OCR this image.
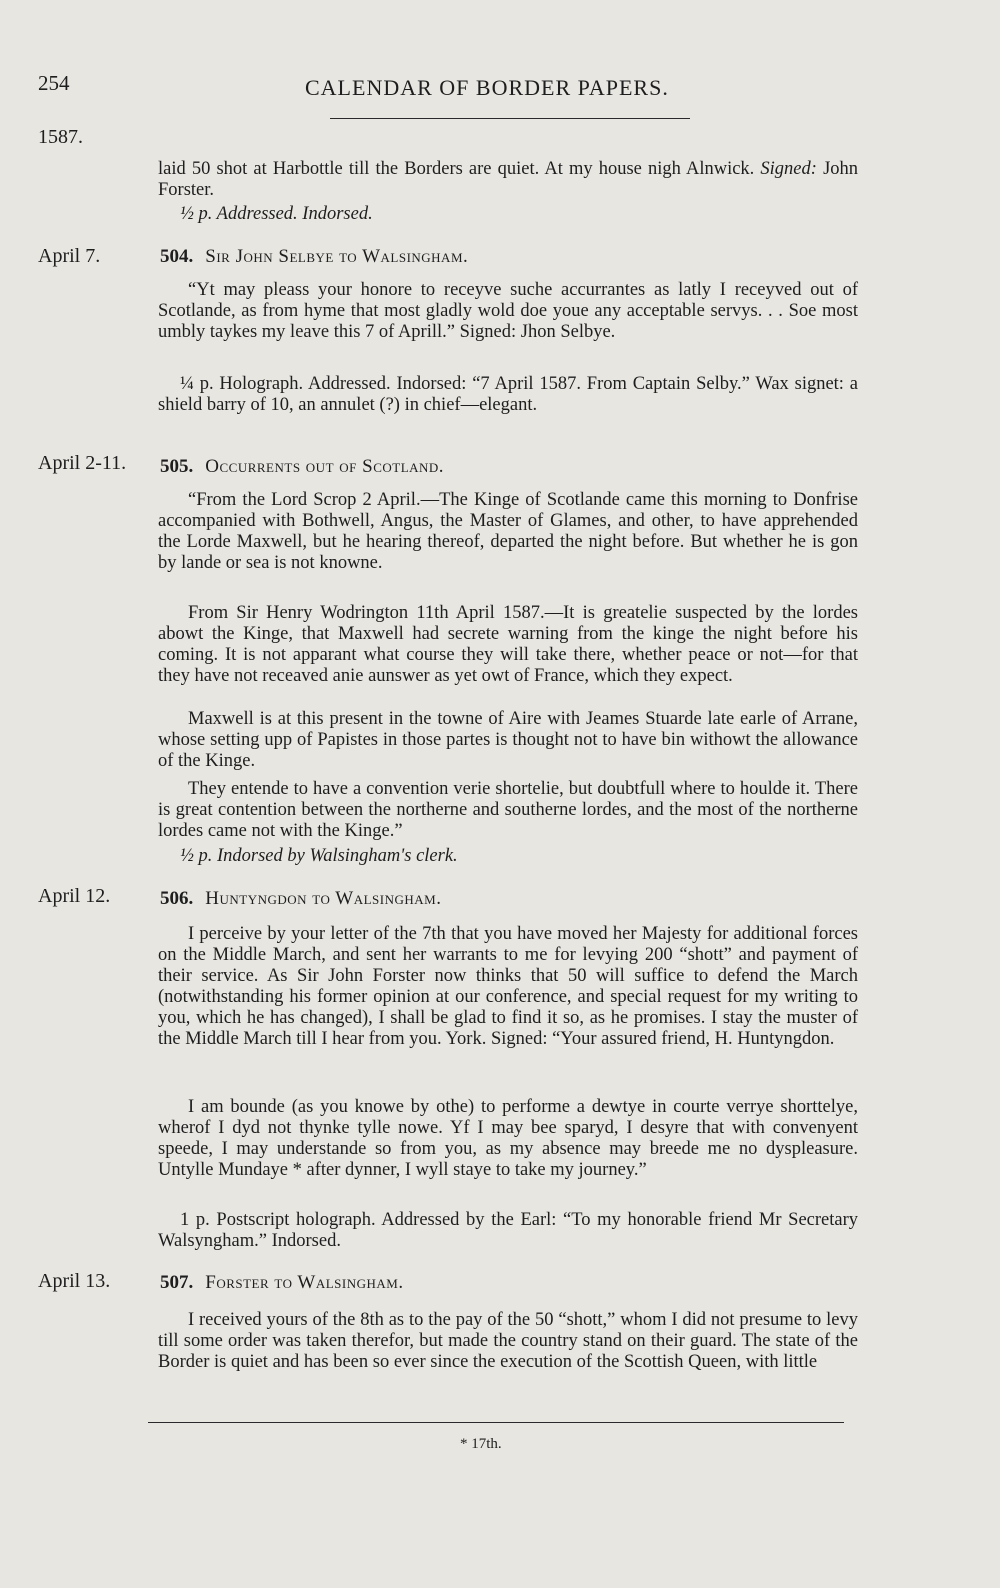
254	CALENDAR OF BORDER PAPERS.
1587.
laid 50 shot at Harbottle till the Borders are quiet. At my house nigh Alnwick. Signed: John Forster.
½ p. Addressed. Indorsed.
April 7.	504. Sir John Selbye to Walsingham.
“Yt may pleass your honore to receyve suche accurrantes as latly I receyved out of Scotlande, as from hyme that most gladly wold doe youe any acceptable servys. . . Soe most umbly taykes my leave this 7 of Aprill.” Signed: Jhon Selbye.
¼ p. Holograph. Addressed. Indorsed: “7 April 1587. From Captain Selby.” Wax signet: a shield barry of 10, an annulet (?) in chief—elegant.
April 2-11. 505. Occurrents out of Scotland.
“From the Lord Scrop 2 April.—The Kinge of Scotlande came this morning to Donfrise accompanied with Bothwell, Angus, the Master of Glames, and other, to have apprehended the Lorde Maxwell, but he hearing thereof, departed the night before. But whether he is gon by lande or sea is not knowne.
From Sir Henry Wodrington 11th April 1587.—It is greatelie suspected by the lordes abowt the Kinge, that Maxwell had secrete warning from the kinge the night before his coming. It is not apparant what course they will take there, whether peace or not—for that they have not receaved anie aunswer as yet owt of France, which they expect.
Maxwell is at this present in the towne of Aire with Jeames Stuarde late earle of Arrane, whose setting upp of Papistes in those partes is thought not to have bin withowt the allowance of the Kinge.
They entende to have a convention verie shortelie, but doubtfull where to houlde it. There is great contention between the northerne and southerne lordes, and the most of the northerne lordes came not with the Kinge.”
½ p. Indorsed by Walsingham's clerk.
April 12.	506. Huntyngdon to Walsingham.
I perceive by your letter of the 7th that you have moved her Majesty for additional forces on the Middle March, and sent her warrants to me for levying 200 “shott” and payment of their service. As Sir John Forster now thinks that 50 will suffice to defend the March (notwithstanding his former opinion at our conference, and special request for my writing to you, which he has changed), I shall be glad to find it so, as he promises. I stay the muster of the Middle March till I hear from you. York. Signed: “Your assured friend, H. Huntyngdon.
I am bounde (as you knowe by othe) to performe a dewtye in courte verrye shorttelye, wherof I dyd not thynke tylle nowe. Yf I may bee sparyd, I desyre that with convenyent speede, I may understande so from you, as my absence may breede me no dyspleasure. Untylle Mundaye * after dynner, I wyll staye to take my journey.”
1 p. Postscript holograph. Addressed by the Earl: “To my honorable friend Mr Secretary Walsyngham.” Indorsed.
April 13.	507. Forster to Walsingham.
I received yours of the 8th as to the pay of the 50 “shott,” whom I did not presume to levy till some order was taken therefor, but made the country stand on their guard. The state of the Border is quiet and has been so ever since the execution of the Scottish Queen, with little
* 17th.
